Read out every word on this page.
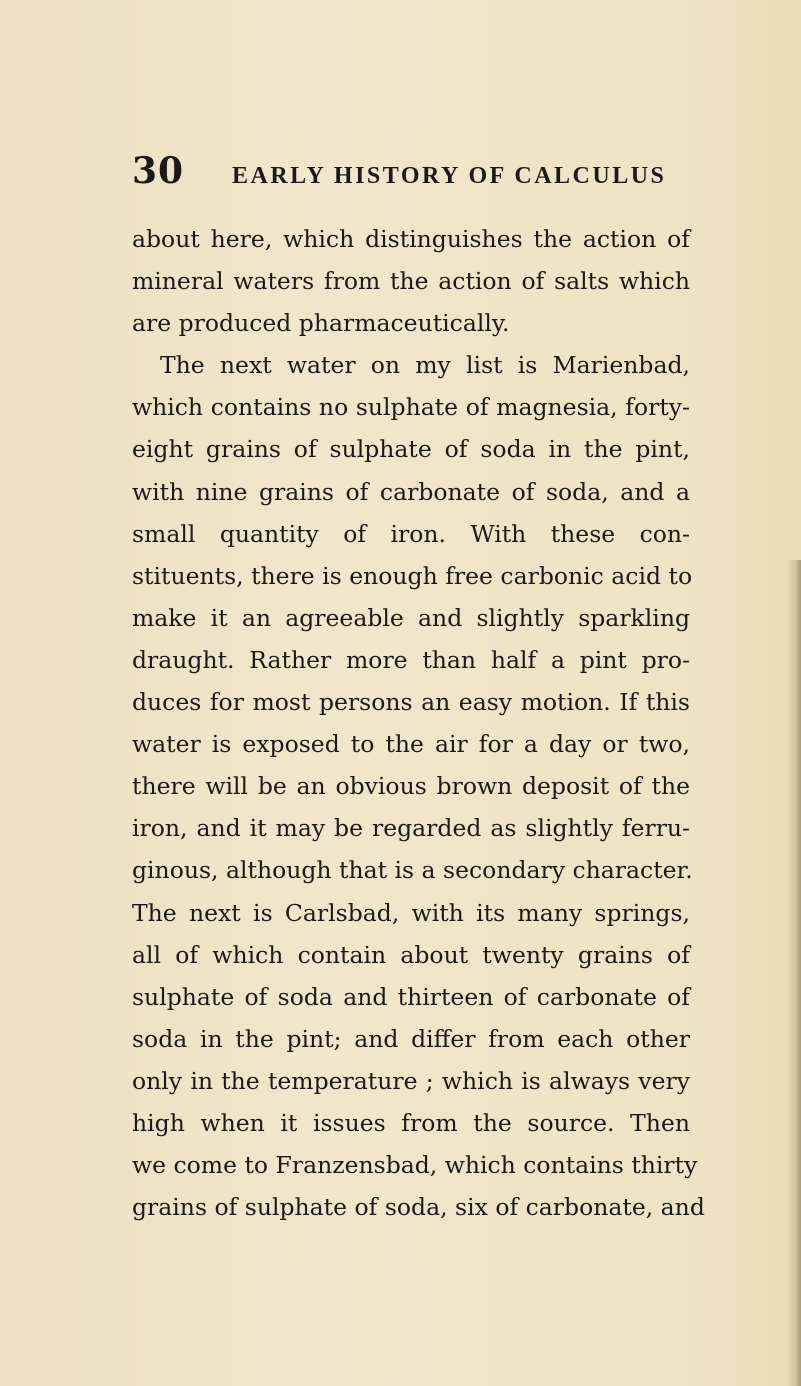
30	EARLY HISTORY OF CALCULUS
about here, which distinguishes the action of
mineral waters from the action of salts which
are produced pharmaceutically.
The next water on my list is Marienbad,
which contains no sulphate of magnesia, forty-
eight grains of sulphate of soda in the pint,
with nine grains of carbonate of soda, and a
small quantity of iron. With these con-
stituents, there is enough free carbonic acid to
make it an agreeable and slightly sparkling
draught. Rather more than half a pint pro-
duces for most persons an easy motion. If this
water is exposed to the air for a day or two,
there will be an obvious brown deposit of the
iron, and it may be regarded as slightly ferru-
ginous, although that is a secondary character.
The next is Carlsbad, with its many springs,
all of which contain about twenty grains of
sulphate of soda and thirteen of carbonate of
soda in the pint; and differ from each other
only in the temperature ; which is always very
high when it issues from the source. Then
we come to Franzensbad, which contains thirty
grains of sulphate of soda, six of carbonate, and
